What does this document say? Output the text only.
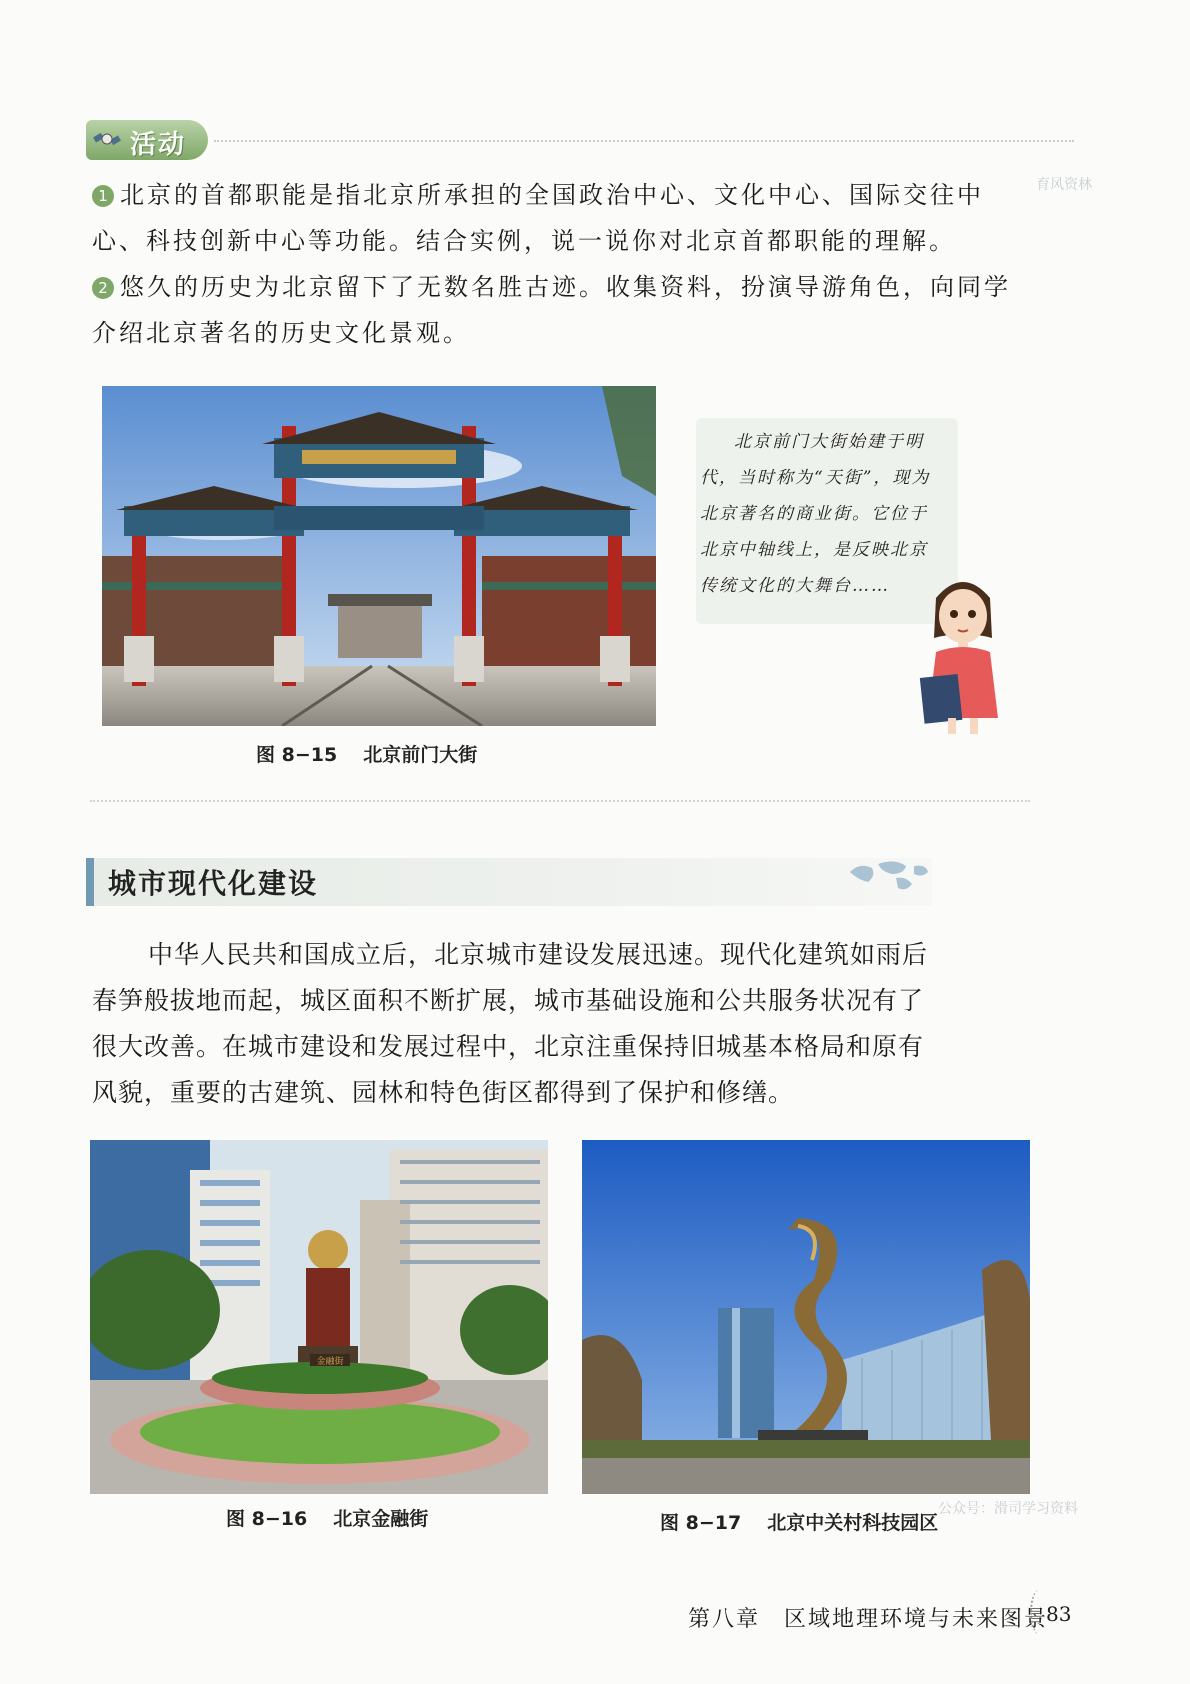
活动
1 北京的首都职能是指北京所承担的全国政治中心、文化中心、国际交往中心、科技创新中心等功能。结合实例，说一说你对北京首都职能的理解。
2 悠久的历史为北京留下了无数名胜古迹。收集资料，扮演导游角色，向同学介绍北京著名的历史文化景观。
育风资林
图 8−15 北京前门大街
北京前门大街始建于明
代，当时称为“天街”，现为
北京著名的商业街。它位于
北京中轴线上，是反映北京
传统文化的大舞台……
城市现代化建设
中华人民共和国成立后，北京城市建设发展迅速。现代化建筑如雨后春笋般拔地而起，城区面积不断扩展，城市基础设施和公共服务状况有了很大改善。在城市建设和发展过程中，北京注重保持旧城基本格局和原有风貌，重要的古建筑、园林和特色街区都得到了保护和修缮。
金融街
图 8−16 北京金融街	图 8−17 北京中关村科技园区
公众号：滑司学习资料
第八章　区域地理环境与未来图景
83
